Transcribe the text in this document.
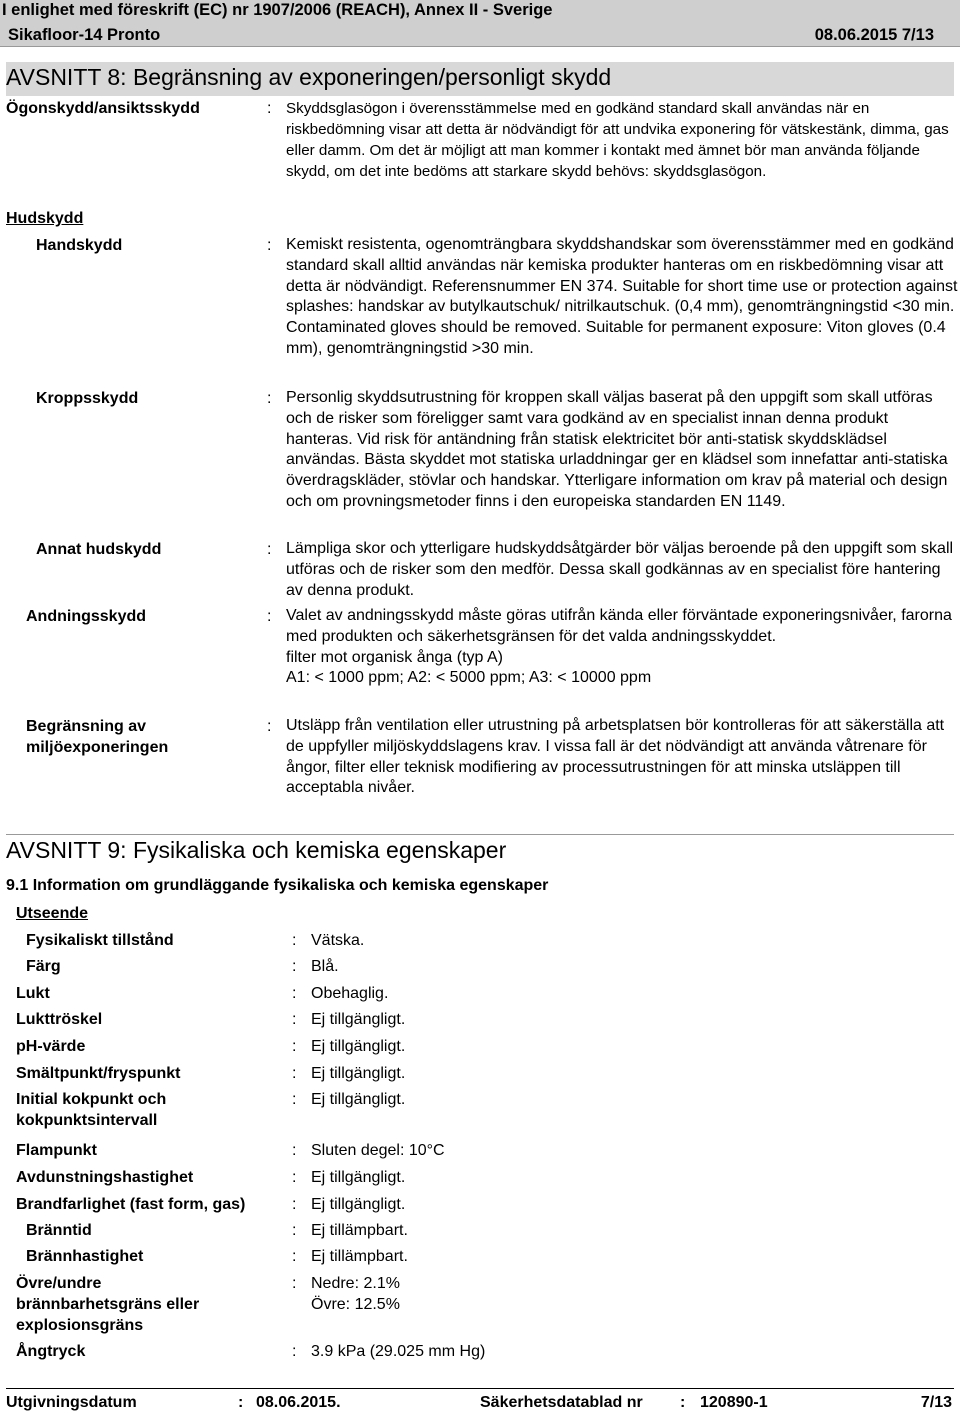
I enlighet med föreskrift (EC) nr 1907/2006 (REACH), Annex II - Sverige
Sikafloor-14 Pronto	08.06.2015 7/13
AVSNITT 8: Begränsning av exponeringen/personligt skydd
Ögonskydd/ansiktsskydd	: Skyddsglasögon i överensstämmelse med en godkänd standard skall användas när en riskbedömning visar att detta är nödvändigt för att undvika exponering för vätskestänk, dimma, gas eller damm. Om det är möjligt att man kommer i kontakt med ämnet bör man använda följande skydd, om det inte bedöms att starkare skydd behövs: skyddsglasögon.
Hudskydd
Handskydd	: Kemiskt resistenta, ogenomträngbara skyddshandskar som överensstämmer med en godkänd standard skall alltid användas när kemiska produkter hanteras om en riskbedömning visar att detta är nödvändigt. Referensnummer EN 374. Suitable for short time use or protection against splashes: handskar av butylkautschuk/ nitrilkautschuk. (0,4 mm), genomträngningstid <30 min. Contaminated gloves should be removed. Suitable for permanent exposure: Viton gloves (0.4 mm), genomträngningstid >30 min.
Kroppsskydd	: Personlig skyddsutrustning för kroppen skall väljas baserat på den uppgift som skall utföras och de risker som föreligger samt vara godkänd av en specialist innan denna produkt hanteras. Vid risk för antändning från statisk elektricitet bör anti-statisk skyddsklädsel användas. Bästa skyddet mot statiska urladdningar ger en klädsel som innefattar anti-statiska överdragskläder, stövlar och handskar. Ytterligare information om krav på material och design och om provningsmetoder finns i den europeiska standarden EN 1149.
Annat hudskydd	: Lämpliga skor och ytterligare hudskyddsåtgärder bör väljas beroende på den uppgift som skall utföras och de risker som den medför. Dessa skall godkännas av en specialist före hantering av denna produkt.
Andningsskydd	: Valet av andningsskydd måste göras utifrån kända eller förväntade exponeringsnivåer, farorna med produkten och säkerhetsgränsen för det valda andningsskyddet.
filter mot organisk ånga (typ A)
A1: < 1000 ppm; A2: < 5000 ppm; A3: < 10000 ppm
Begränsning av
miljöexponeringen
: Utsläpp från ventilation eller utrustning på arbetsplatsen bör kontrolleras för att säkerställa att de uppfyller miljöskyddslagens krav. I vissa fall är det nödvändigt att använda våtrenare för ångor, filter eller teknisk modifiering av processutrustningen för att minska utsläppen till acceptabla nivåer.
AVSNITT 9: Fysikaliska och kemiska egenskaper
9.1 Information om grundläggande fysikaliska och kemiska egenskaper
Utseende
Fysikaliskt tillstånd	: Vätska.

Färg	: Blå.

Lukt	: Obehaglig.

Lukttröskel	: Ej tillgängligt.

pH-värde	: Ej tillgängligt.

Smältpunkt/fryspunkt	: Ej tillgängligt.

Initial kokpunkt och
kokpunktsintervall

: Ej tillgängligt.

Flampunkt	: Sluten degel: 10°C

Avdunstningshastighet	: Ej tillgängligt.

Brandfarlighet (fast form, gas)	: Ej tillgängligt.

Bränntid	: Ej tillämpbart.

Brännhastighet	: Ej tillämpbart.

Övre/undre
brännbarhetsgräns eller
explosionsgräns

: Nedre: 2.1%
Övre: 12.5%

Ångtryck	: 3.9 kPa (29.025 mm Hg)

Utgivningsdatum	: 08.06.2015.	Säkerhetsdatablad nr : 120890-1	7/13
